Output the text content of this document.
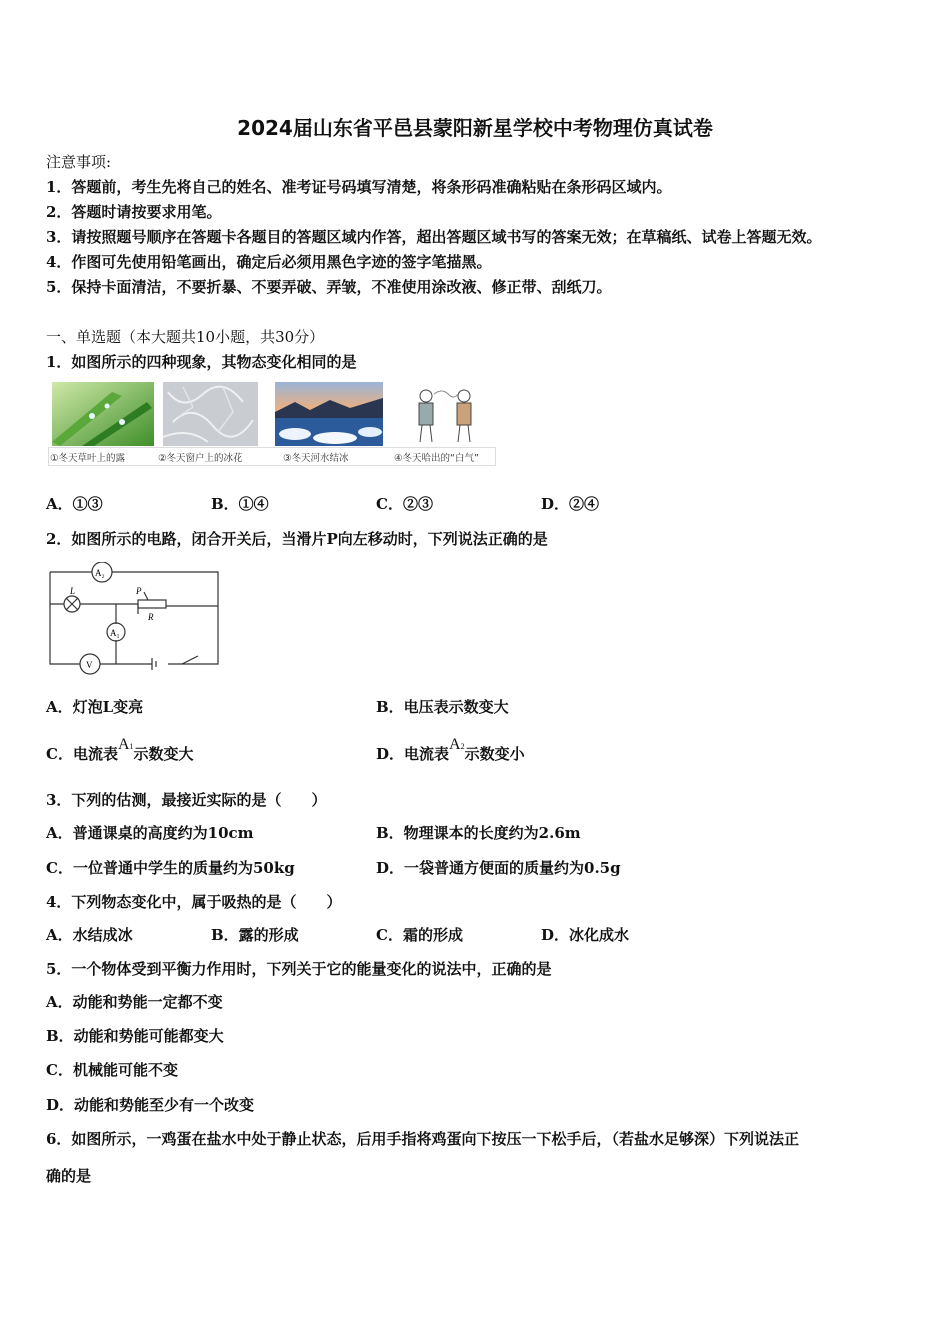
2024届山东省平邑县蒙阳新星学校中考物理仿真试卷
注意事项:
1．答题前，考生先将自己的姓名、准考证号码填写清楚，将条形码准确粘贴在条形码区域内。
2．答题时请按要求用笔。
3．请按照题号顺序在答题卡各题目的答题区域内作答，超出答题区域书写的答案无效；在草稿纸、试卷上答题无效。
4．作图可先使用铅笔画出，确定后必须用黑色字迹的签字笔描黑。
5．保持卡面清洁，不要折暴、不要弄破、弄皱，不准使用涂改液、修正带、刮纸刀。
一、单选题（本大题共10小题，共30分）
1．如图所示的四种现象，其物态变化相同的是
①冬天草叶上的露	②冬天窗户上的冰花	③冬天河水结冰	④冬天哈出的“白气”
A．①③	B．①④	C．②③	D．②④
2．如图所示的电路，闭合开关后，当滑片P向左移动时，下列说法正确的是
A₂
A₁
V
L	P
R
A．灯泡L变亮	B．电压表示数变大
C．电流表A1示数变大	D．电流表A2示数变小
3．下列的估测，最接近实际的是（　　）
A．普通课桌的高度约为10cm	B．物理课本的长度约为2.6m
C．一位普通中学生的质量约为50kg	D．一袋普通方便面的质量约为0.5g
4．下列物态变化中，属于吸热的是（　　）
A．水结成冰	B．露的形成	C．霜的形成	D．冰化成水
5．一个物体受到平衡力作用时，下列关于它的能量变化的说法中，正确的是
A．动能和势能一定都不变
B．动能和势能可能都变大
C．机械能可能不变
D．动能和势能至少有一个改变
6．如图所示，一鸡蛋在盐水中处于静止状态，后用手指将鸡蛋向下按压一下松手后，（若盐水足够深）下列说法正
确的是
